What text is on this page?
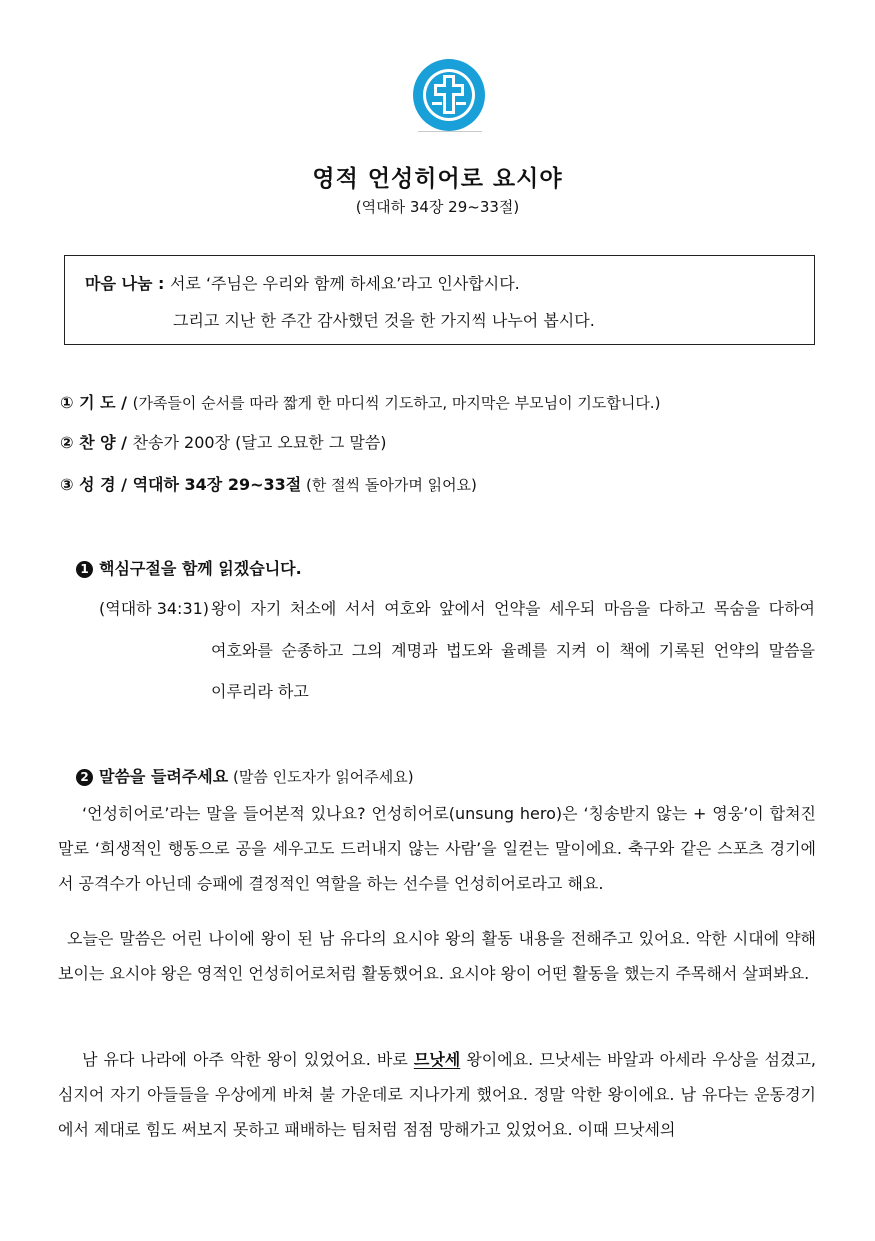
영적 언성히어로 요시야
(역대하 34장 29~33절)
마음 나눔 : 서로 ‘주님은 우리와 함께 하세요’라고 인사합시다.
그리고 지난 한 주간 감사했던 것을 한 가지씩 나누어 봅시다.
① 기 도 / (가족들이 순서를 따라 짧게 한 마디씩 기도하고, 마지막은 부모님이 기도합니다.)
② 찬 양 / 찬송가 200장 (달고 오묘한 그 말씀)
③ 성 경 / 역대하 34장 29~33절 (한 절씩 돌아가며 읽어요)
1 핵심구절을 함께 읽겠습니다.
(역대하 34:31) 왕이 자기 처소에 서서 여호와 앞에서 언약을 세우되 마음을 다하고 목숨을 다하여
여호와를 순종하고 그의 계명과 법도와 율례를 지켜 이 책에 기록된 언약의 말씀을
이루리라 하고
2 말씀을 들려주세요 (말씀 인도자가 읽어주세요)

‘언성히어로’라는 말을 들어본적 있나요? 언성히어로(unsung hero)은 ‘칭송받지 않는 + 영웅’이 합쳐진 말로 ‘희생적인 행동으로 공을 세우고도 드러내지 않는 사람’을 일컫는 말이에요. 축구와 같은 스포츠 경기에서 공격수가 아닌데 승패에 결정적인 역할을 하는 선수를 언성히어로라고 해요.

오늘은 말씀은 어린 나이에 왕이 된 남 유다의 요시야 왕의 활동 내용을 전해주고 있어요. 악한 시대에 약해 보이는 요시야 왕은 영적인 언성히어로처럼 활동했어요. 요시야 왕이 어떤 활동을 했는지 주목해서 살펴봐요.

남 유다 나라에 아주 악한 왕이 있었어요. 바로 므낫세 왕이에요. 므낫세는 바알과 아세라 우상을 섬겼고, 심지어 자기 아들들을 우상에게 바쳐 불 가운데로 지나가게 했어요. 정말 악한 왕이에요. 남 유다는 운동경기에서 제대로 힘도 써보지 못하고 패배하는 팀처럼 점점 망해가고 있었어요. 이때 므낫세의
